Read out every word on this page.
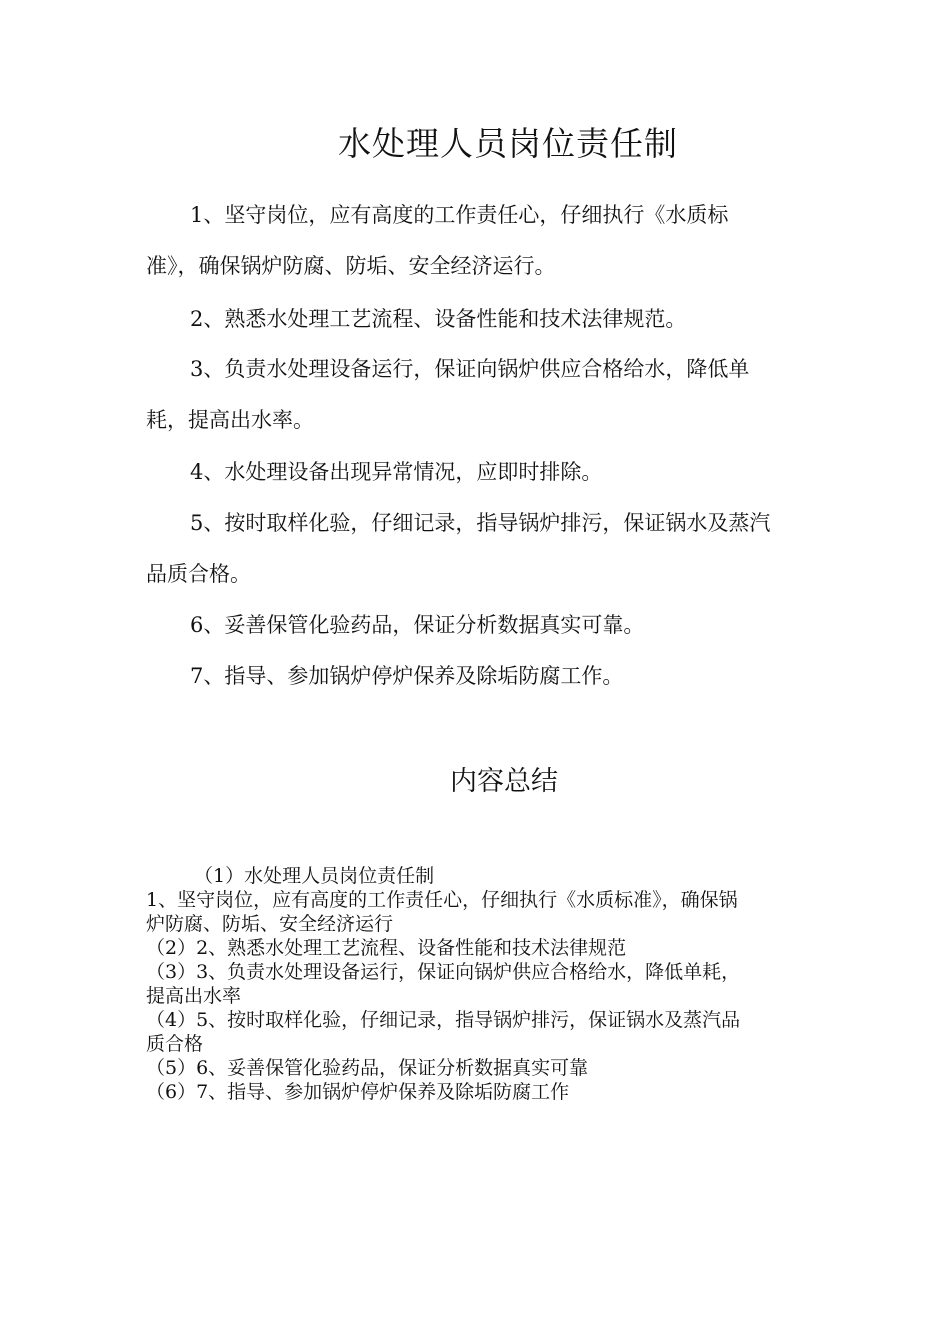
水处理人员岗位责任制

1、坚守岗位，应有高度的工作责任心，仔细执行《水质标
准》，确保锅炉防腐、防垢、安全经济运行。

2、熟悉水处理工艺流程、设备性能和技术法律规范。

3、负责水处理设备运行，保证向锅炉供应合格给水，降低单
耗，提高出水率。

4、水处理设备出现异常情况，应即时排除。

5、按时取样化验，仔细记录，指导锅炉排污，保证锅水及蒸汽
品质合格。

6、妥善保管化验药品，保证分析数据真实可靠。

7、指导、参加锅炉停炉保养及除垢防腐工作。

内容总结
（1）水处理人员岗位责任制
1、坚守岗位，应有高度的工作责任心，仔细执行《水质标准》，确保锅
炉防腐、防垢、安全经济运行
（2）2、熟悉水处理工艺流程、设备性能和技术法律规范
（3）3、负责水处理设备运行，保证向锅炉供应合格给水，降低单耗，
提高出水率
（4）5、按时取样化验，仔细记录，指导锅炉排污，保证锅水及蒸汽品
质合格
（5）6、妥善保管化验药品，保证分析数据真实可靠
（6）7、指导、参加锅炉停炉保养及除垢防腐工作
